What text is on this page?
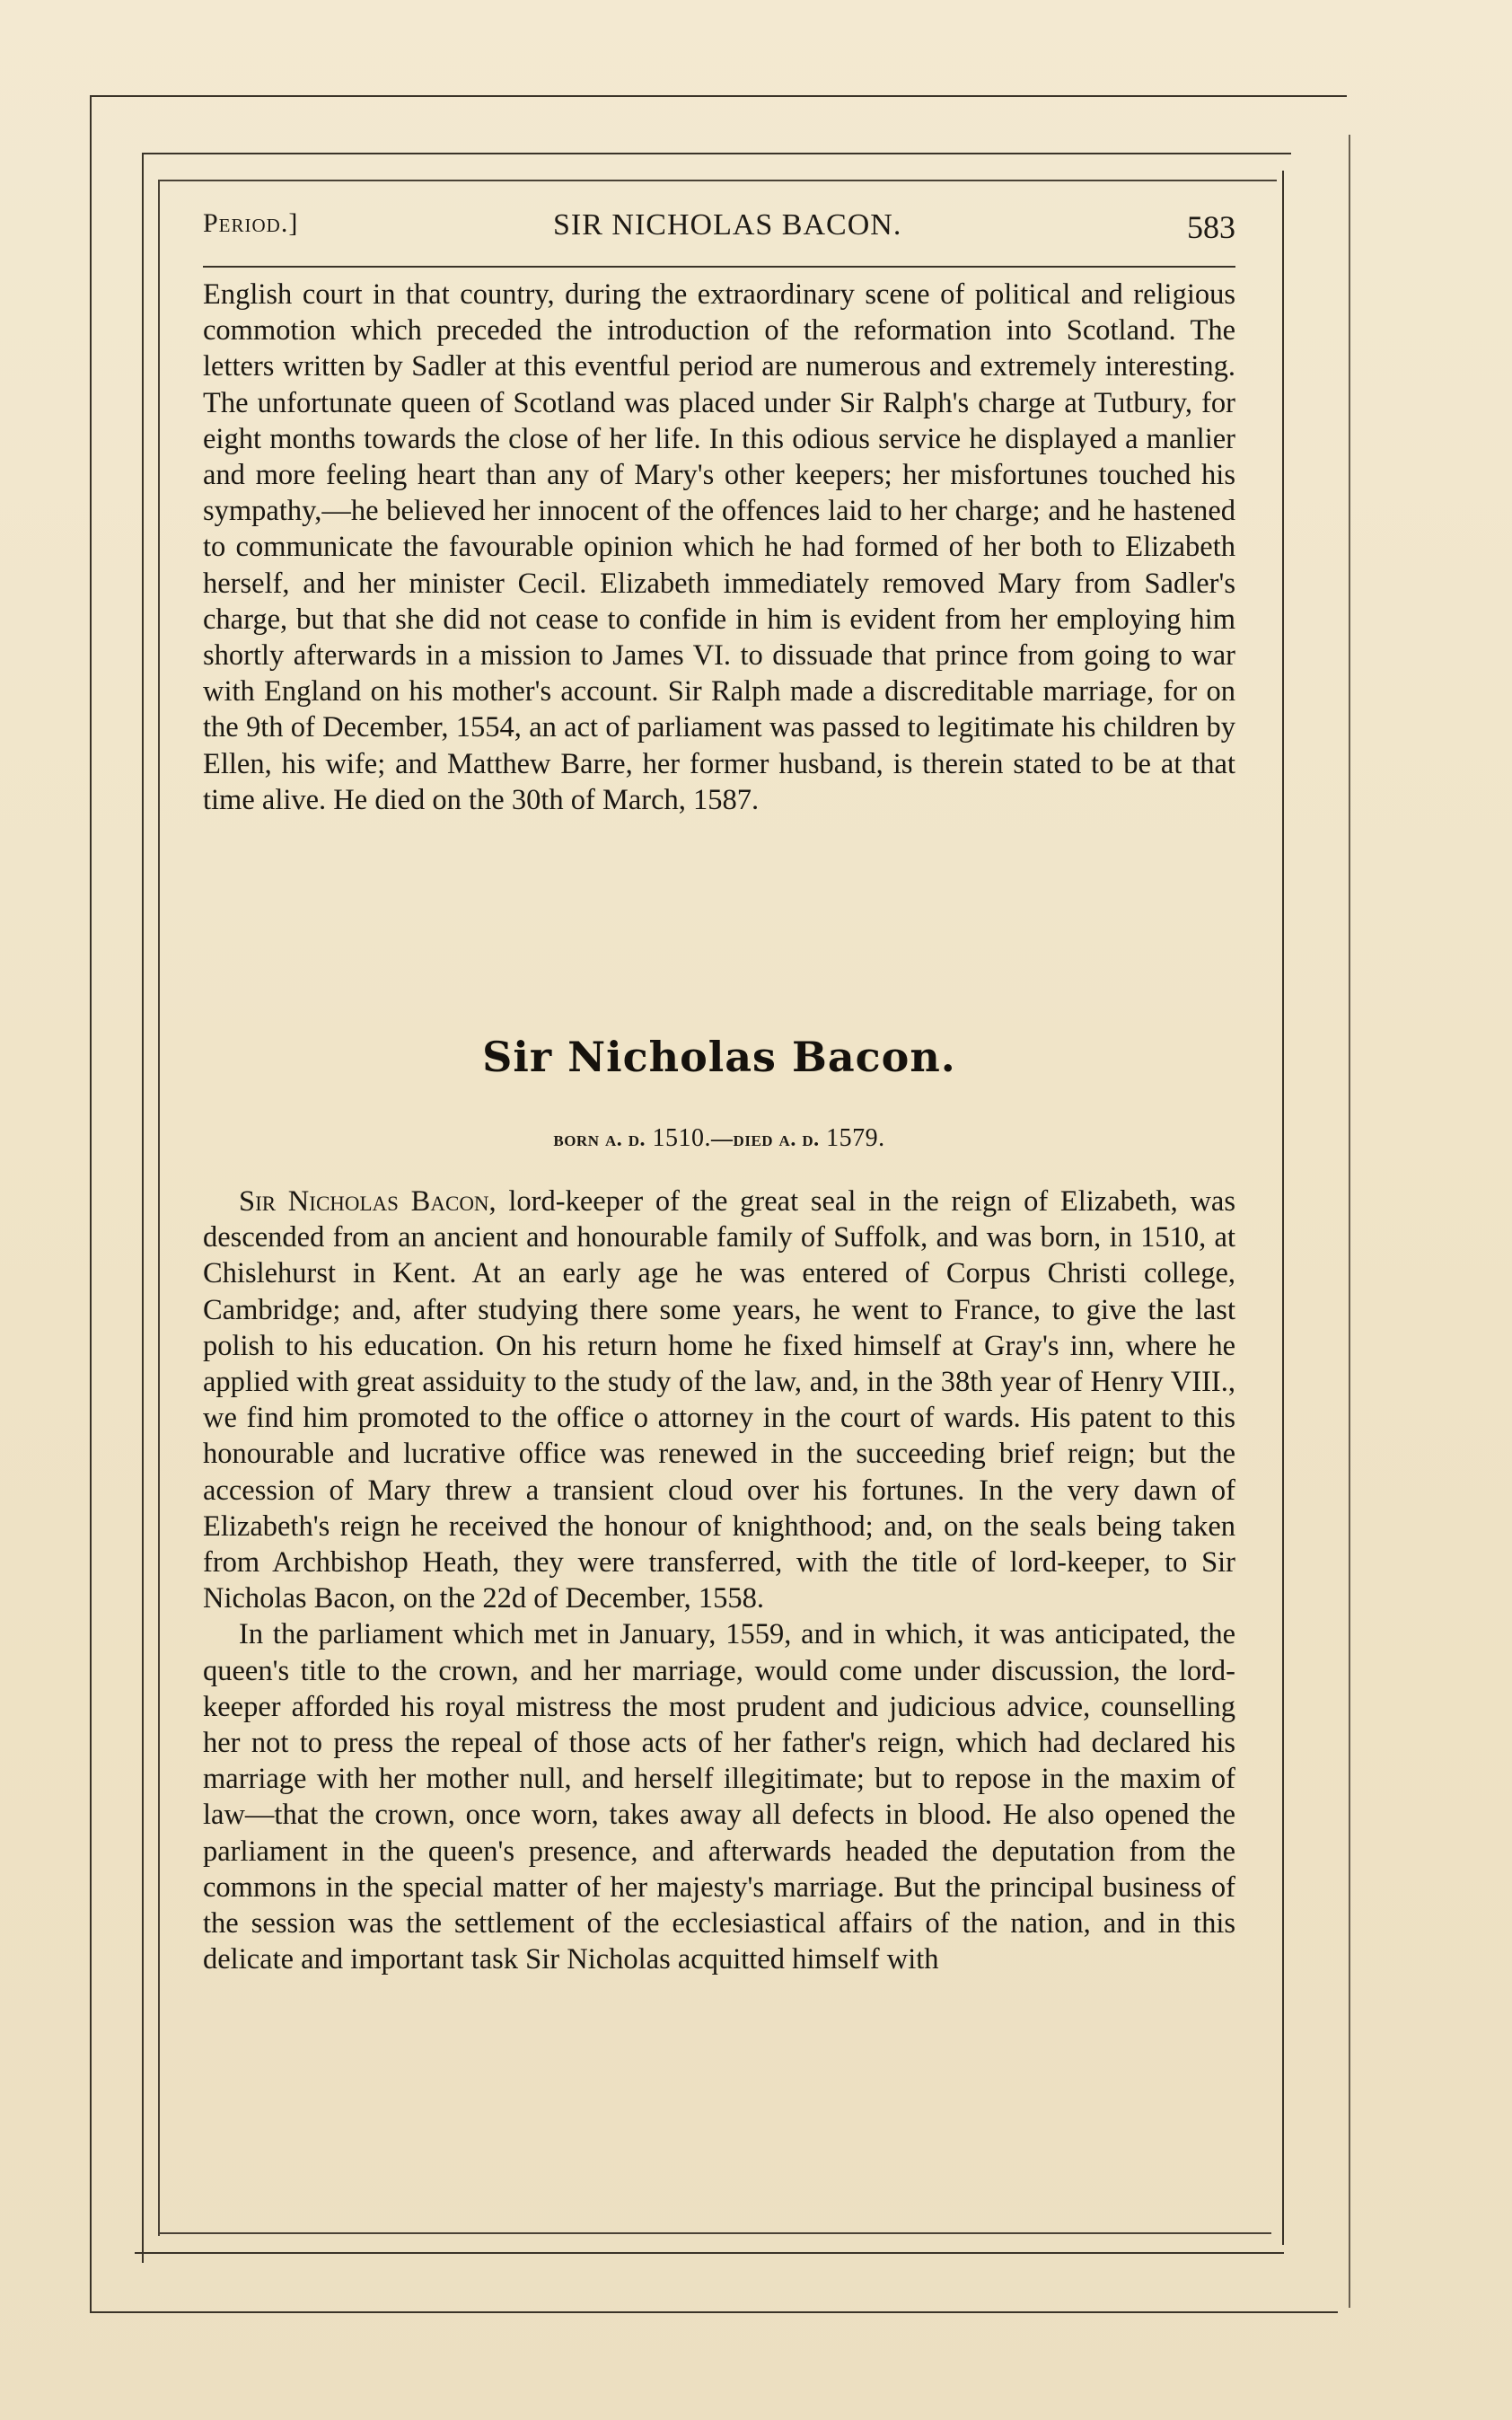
Period.]	SIR NICHOLAS BACON.	583

English court in that country, during the extraordinary scene of political and religious commotion which preceded the introduction of the reformation into Scotland. The letters written by Sadler at this eventful period are numerous and extremely interesting. The unfortunate queen of Scotland was placed under Sir Ralph's charge at Tutbury, for eight months towards the close of her life. In this odious service he displayed a manlier and more feeling heart than any of Mary's other keepers; her misfortunes touched his sympathy,—he believed her innocent of the offences laid to her charge; and he hastened to communicate the favourable opinion which he had formed of her both to Elizabeth herself, and her minister Cecil. Elizabeth immediately removed Mary from Sadler's charge, but that she did not cease to confide in him is evident from her employing him shortly afterwards in a mission to James VI. to dissuade that prince from going to war with England on his mother's account. Sir Ralph made a discreditable marriage, for on the 9th of December, 1554, an act of parliament was passed to legitimate his children by Ellen, his wife; and Matthew Barre, her former husband, is therein stated to be at that time alive. He died on the 30th of March, 1587.

Sir Nicholas Bacon.
born a. d. 1510.—died a. d. 1579.

Sir Nicholas Bacon, lord-keeper of the great seal in the reign of Elizabeth, was descended from an ancient and honourable family of Suffolk, and was born, in 1510, at Chislehurst in Kent. At an early age he was entered of Corpus Christi college, Cambridge; and, after studying there some years, he went to France, to give the last polish to his education. On his return home he fixed himself at Gray's inn, where he applied with great assiduity to the study of the law, and, in the 38th year of Henry VIII., we find him promoted to the office o attorney in the court of wards. His patent to this honourable and lucrative office was renewed in the succeeding brief reign; but the accession of Mary threw a transient cloud over his fortunes. In the very dawn of Elizabeth's reign he received the honour of knighthood; and, on the seals being taken from Archbishop Heath, they were transferred, with the title of lord-keeper, to Sir Nicholas Bacon, on the 22d of December, 1558.

In the parliament which met in January, 1559, and in which, it was anticipated, the queen's title to the crown, and her marriage, would come under discussion, the lord-keeper afforded his royal mistress the most prudent and judicious advice, counselling her not to press the repeal of those acts of her father's reign, which had declared his marriage with her mother null, and herself illegitimate; but to repose in the maxim of law—that the crown, once worn, takes away all defects in blood. He also opened the parliament in the queen's presence, and afterwards headed the deputation from the commons in the special matter of her majesty's marriage. But the principal business of the session was the settlement of the ecclesiastical affairs of the nation, and in this delicate and important task Sir Nicholas acquitted himself with
